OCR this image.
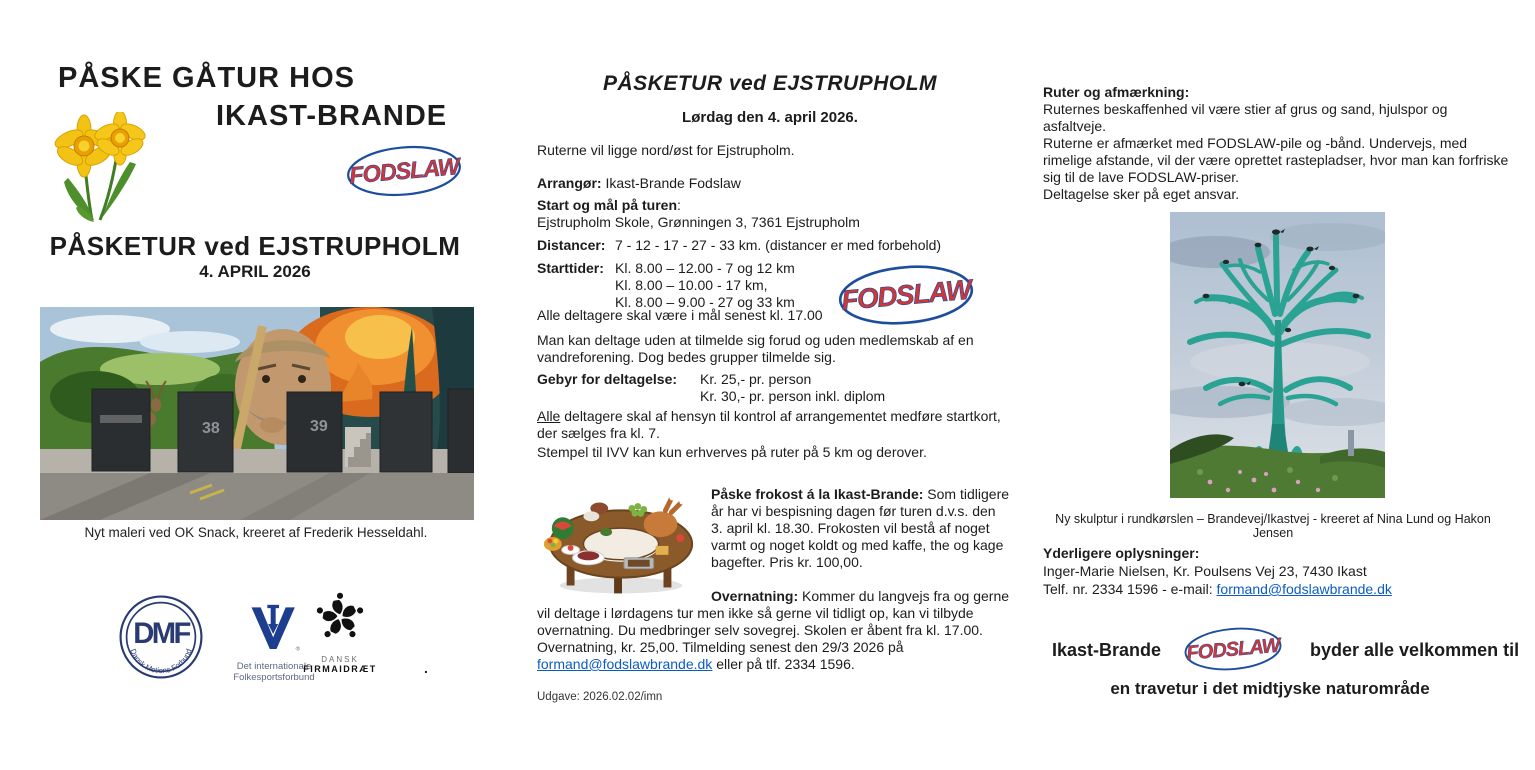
PÅSKE GÅTUR HOS
IKAST-BRANDE
FODSLAW
PÅSKETUR ved EJSTRUPHOLM
4. APRIL 2026
38	39
Nyt maleri ved OK Snack, kreeret af Frederik Hesseldahl.
DMF
Dansk Motions Forbund	®
Det internationale
Folkesportsforbund
DANSK
FIRMAIDRÆT	.
PÅSKETUR ved EJSTRUPHOLM
Lørdag den 4. april 2026.
Ruterne vil ligge nord/øst for Ejstrupholm.

Arrangør: Ikast-Brande Fodslaw

Start og mål på turen:
Ejstrupholm Skole, Grønningen 3, 7361 Ejstrupholm
Distancer: 7 - 12 - 17 - 27 - 33 km. (distancer er med forbehold)
Starttider: Kl. 8.00 – 12.00 - 7 og 12 km
Kl. 8.00 – 10.00 - 17 km,
Kl. 8.00 – 9.00 - 27 og 33 km FODSLAW
Alle deltagere skal være i mål senest kl. 17.00
Man kan deltage uden at tilmelde sig forud og uden medlemskab af en
vandreforening. Dog bedes grupper tilmelde sig.
Gebyr for deltagelse:	Kr. 25,- pr. person
Kr. 30,- pr. person inkl. diplom
Alle deltagere skal af hensyn til kontrol af arrangementet medføre startkort,
der sælges fra kl. 7.
Stempel til IVV kan kun erhverves på ruter på 5 km og derover.

Påske frokost á la Ikast-Brande: Som tidligere år har vi bespisning dagen før turen d.v.s. den 3. april kl. 18.30. Frokosten vil bestå af noget varmt og noget koldt og med kaffe, the og kage bagefter. Pris kr. 100,00.

Overnatning: Kommer du langvejs fra og gerne vil deltage i lørdagens tur men ikke så gerne vil tidligt op, kan vi tilbyde overnatning. Du medbringer selv sovegrej. Skolen er åbent fra kl. 17.00. Overnatning, kr. 25,00. Tilmelding senest den 29/3 2026 på formand@fodslawbrande.dk eller på tlf. 2334 1596.

Udgave: 2026.02.02/imn
Ruter og afmærkning:
Ruternes beskaffenhed vil være stier af grus og sand, hjulspor og asfaltveje.
Ruterne er afmærket med FODSLAW-pile og -bånd. Undervejs, med
rimelige afstande, vil der være oprettet rastepladser, hvor man kan forfriske
sig til de lave FODSLAW-priser.
Deltagelse sker på eget ansvar.
Ny skulptur i rundkørslen – Brandevej/Ikastvej - kreeret af Nina Lund og Hakon Jensen
Yderligere oplysninger:
Inger-Marie Nielsen, Kr. Poulsens Vej 23, 7430 Ikast
Telf. nr. 2334 1596 - e-mail: formand@fodslawbrande.dk
Ikast-Brande FODSLAW byder alle velkommen til
en travetur i det midtjyske naturområde
